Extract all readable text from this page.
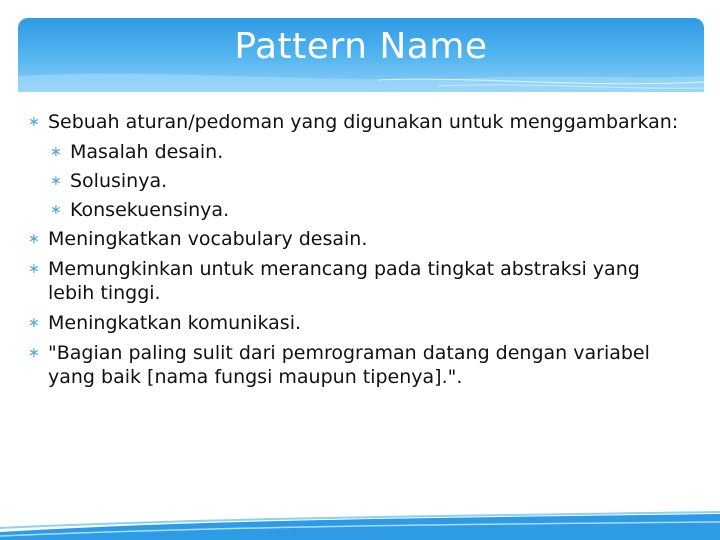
Pattern Name
∗ Sebuah aturan/pedoman yang digunakan untuk menggambarkan:
∗ Masalah desain.
∗ Solusinya.
∗ Konsekuensinya.
∗ Meningkatkan vocabulary desain.
∗ Memungkinkan untuk merancang pada tingkat abstraksi yang lebih tinggi.
∗ Meningkatkan komunikasi.
∗ "Bagian paling sulit dari pemrograman datang dengan variabel yang baik [nama fungsi maupun tipenya].".
